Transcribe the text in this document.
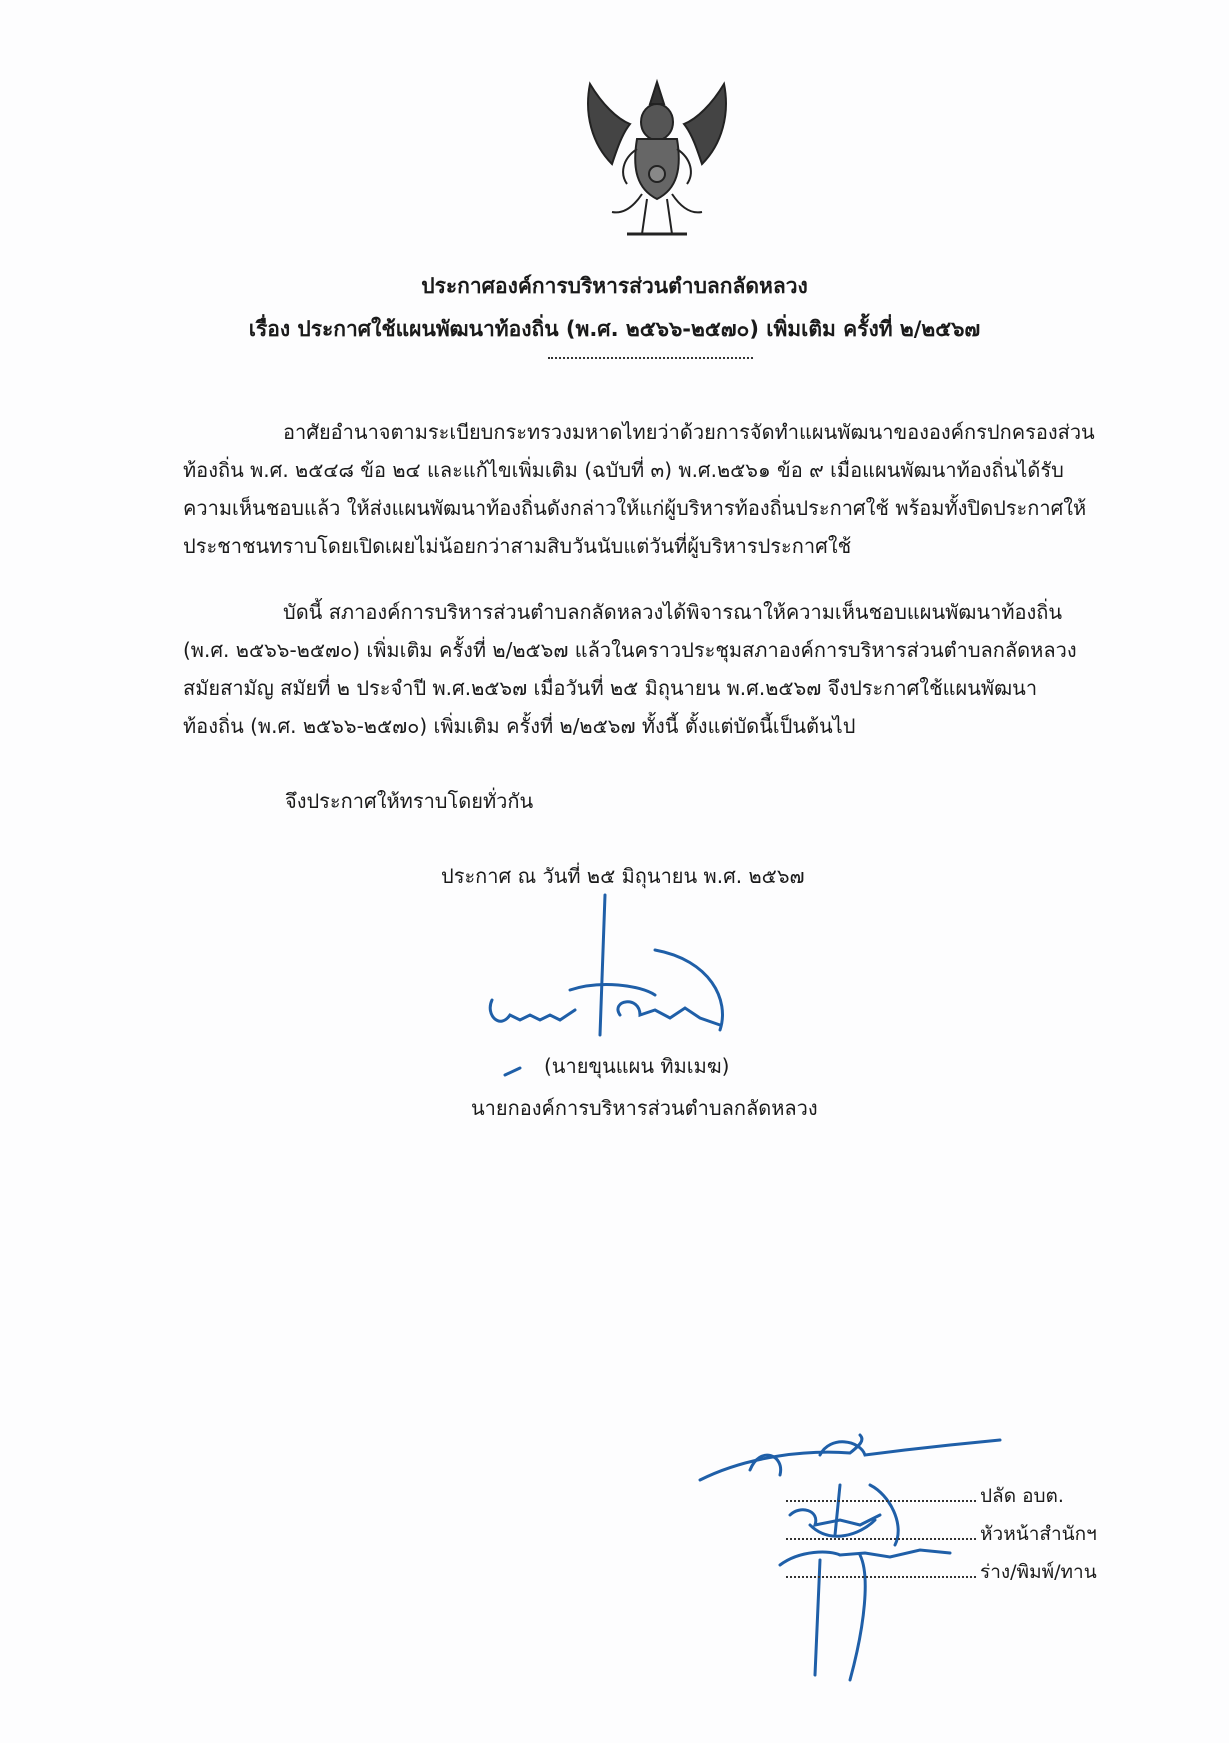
ประกาศองค์การบริหารส่วนตำบลกลัดหลวง
เรื่อง ประกาศใช้แผนพัฒนาท้องถิ่น (พ.ศ. ๒๕๖๖-๒๕๗๐) เพิ่มเติม ครั้งที่ ๒/๒๕๖๗
อาศัยอำนาจตามระเบียบกระทรวงมหาดไทยว่าด้วยการจัดทำแผนพัฒนาขององค์กรปกครองส่วน
ท้องถิ่น พ.ศ. ๒๕๔๘ ข้อ ๒๔ และแก้ไขเพิ่มเติม (ฉบับที่ ๓) พ.ศ.๒๕๖๑ ข้อ ๙ เมื่อแผนพัฒนาท้องถิ่นได้รับ
ความเห็นชอบแล้ว ให้ส่งแผนพัฒนาท้องถิ่นดังกล่าวให้แก่ผู้บริหารท้องถิ่นประกาศใช้ พร้อมทั้งปิดประกาศให้
ประชาชนทราบโดยเปิดเผยไม่น้อยกว่าสามสิบวันนับแต่วันที่ผู้บริหารประกาศใช้
บัดนี้ สภาองค์การบริหารส่วนตำบลกลัดหลวงได้พิจารณาให้ความเห็นชอบแผนพัฒนาท้องถิ่น
(พ.ศ. ๒๕๖๖-๒๕๗๐) เพิ่มเติม ครั้งที่ ๒/๒๕๖๗ แล้วในคราวประชุมสภาองค์การบริหารส่วนตำบลกลัดหลวง
สมัยสามัญ สมัยที่ ๒ ประจำปี พ.ศ.๒๕๖๗ เมื่อวันที่ ๒๕ มิถุนายน พ.ศ.๒๕๖๗ จึงประกาศใช้แผนพัฒนา
ท้องถิ่น (พ.ศ. ๒๕๖๖-๒๕๗๐) เพิ่มเติม ครั้งที่ ๒/๒๕๖๗ ทั้งนี้ ตั้งแต่บัดนี้เป็นต้นไป
จึงประกาศให้ทราบโดยทั่วกัน
ประกาศ ณ วันที่ ๒๕ มิถุนายน พ.ศ. ๒๕๖๗
(นายขุนแผน ทิมเมฆ)
นายกองค์การบริหารส่วนตำบลกลัดหลวง
ปลัด อบต.
หัวหน้าสำนักฯ
ร่าง/พิมพ์/ทาน
